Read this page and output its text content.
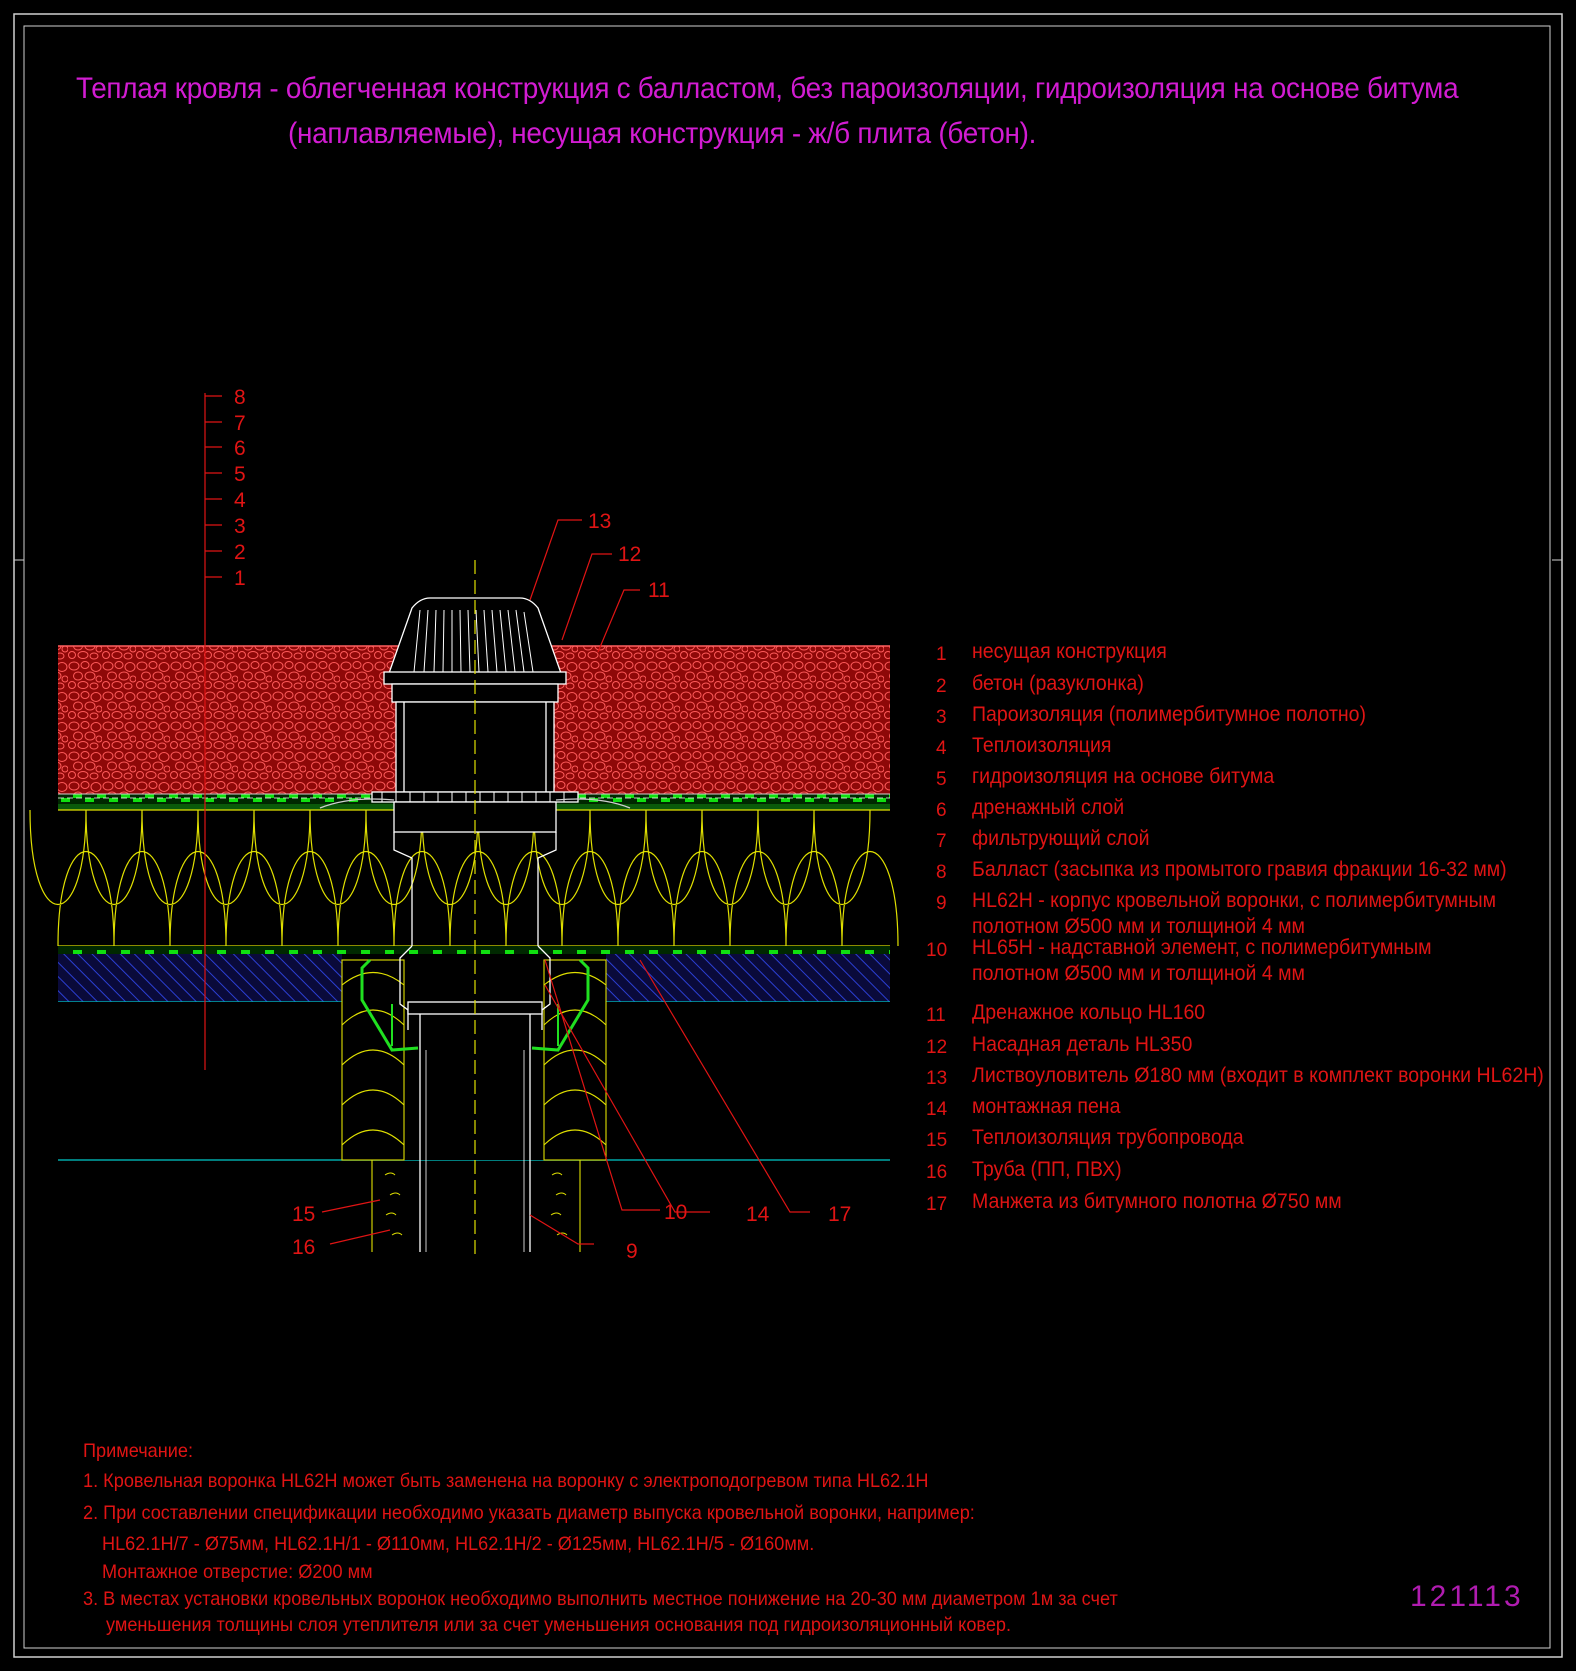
8
7
6
5
4
3
2
1
13
12
11
15
16	9
10	14	17
Теплая кровля - облегченная конструкция с балластом, без пароизоляции, гидроизоляция на основе битума
(наплавляемые), несущая конструкция - ж/б плита (бетон).
1 несущая конструкция
2 бетон (разуклонка)
3 Пароизоляция (полимербитумное полотно)
4 Теплоизоляция
5 гидроизоляция на основе битума
6 дренажный слой
7 фильтрующий слой
8 Балласт (засыпка из промытого гравия фракции 16-32 мм)
9 HL62H - корпус кровельной воронки, с полимербитумным
полотном Ø500 мм и толщиной 4 мм
10 HL65H - надставной элемент, с полимербитумным
полотном Ø500 мм и толщиной 4 мм
11 Дренажное кольцо HL160
12 Насадная деталь HL350
13 Листвоуловитель Ø180 мм (входит в комплект воронки HL62H)
14 монтажная пена
15 Теплоизоляция трубопровода
16 Труба (ПП, ПВХ)
17 Манжета из битумного полотна Ø750 мм
Примечание:
1. Кровельная воронка HL62H может быть заменена на воронку с электроподогревом типа HL62.1H
2. При составлении спецификации необходимо указать диаметр выпуска кровельной воронки, например:
HL62.1H/7 - Ø75мм, HL62.1H/1 - Ø110мм, HL62.1H/2 - Ø125мм, HL62.1H/5 - Ø160мм.
Монтажное отверстие: Ø200 мм
3. В местах установки кровельных воронок необходимо выполнить местное понижение на 20-30 мм диаметром 1м за счет
уменьшения толщины слоя утеплителя или за счет уменьшения основания под гидроизоляционный ковер.
121113
